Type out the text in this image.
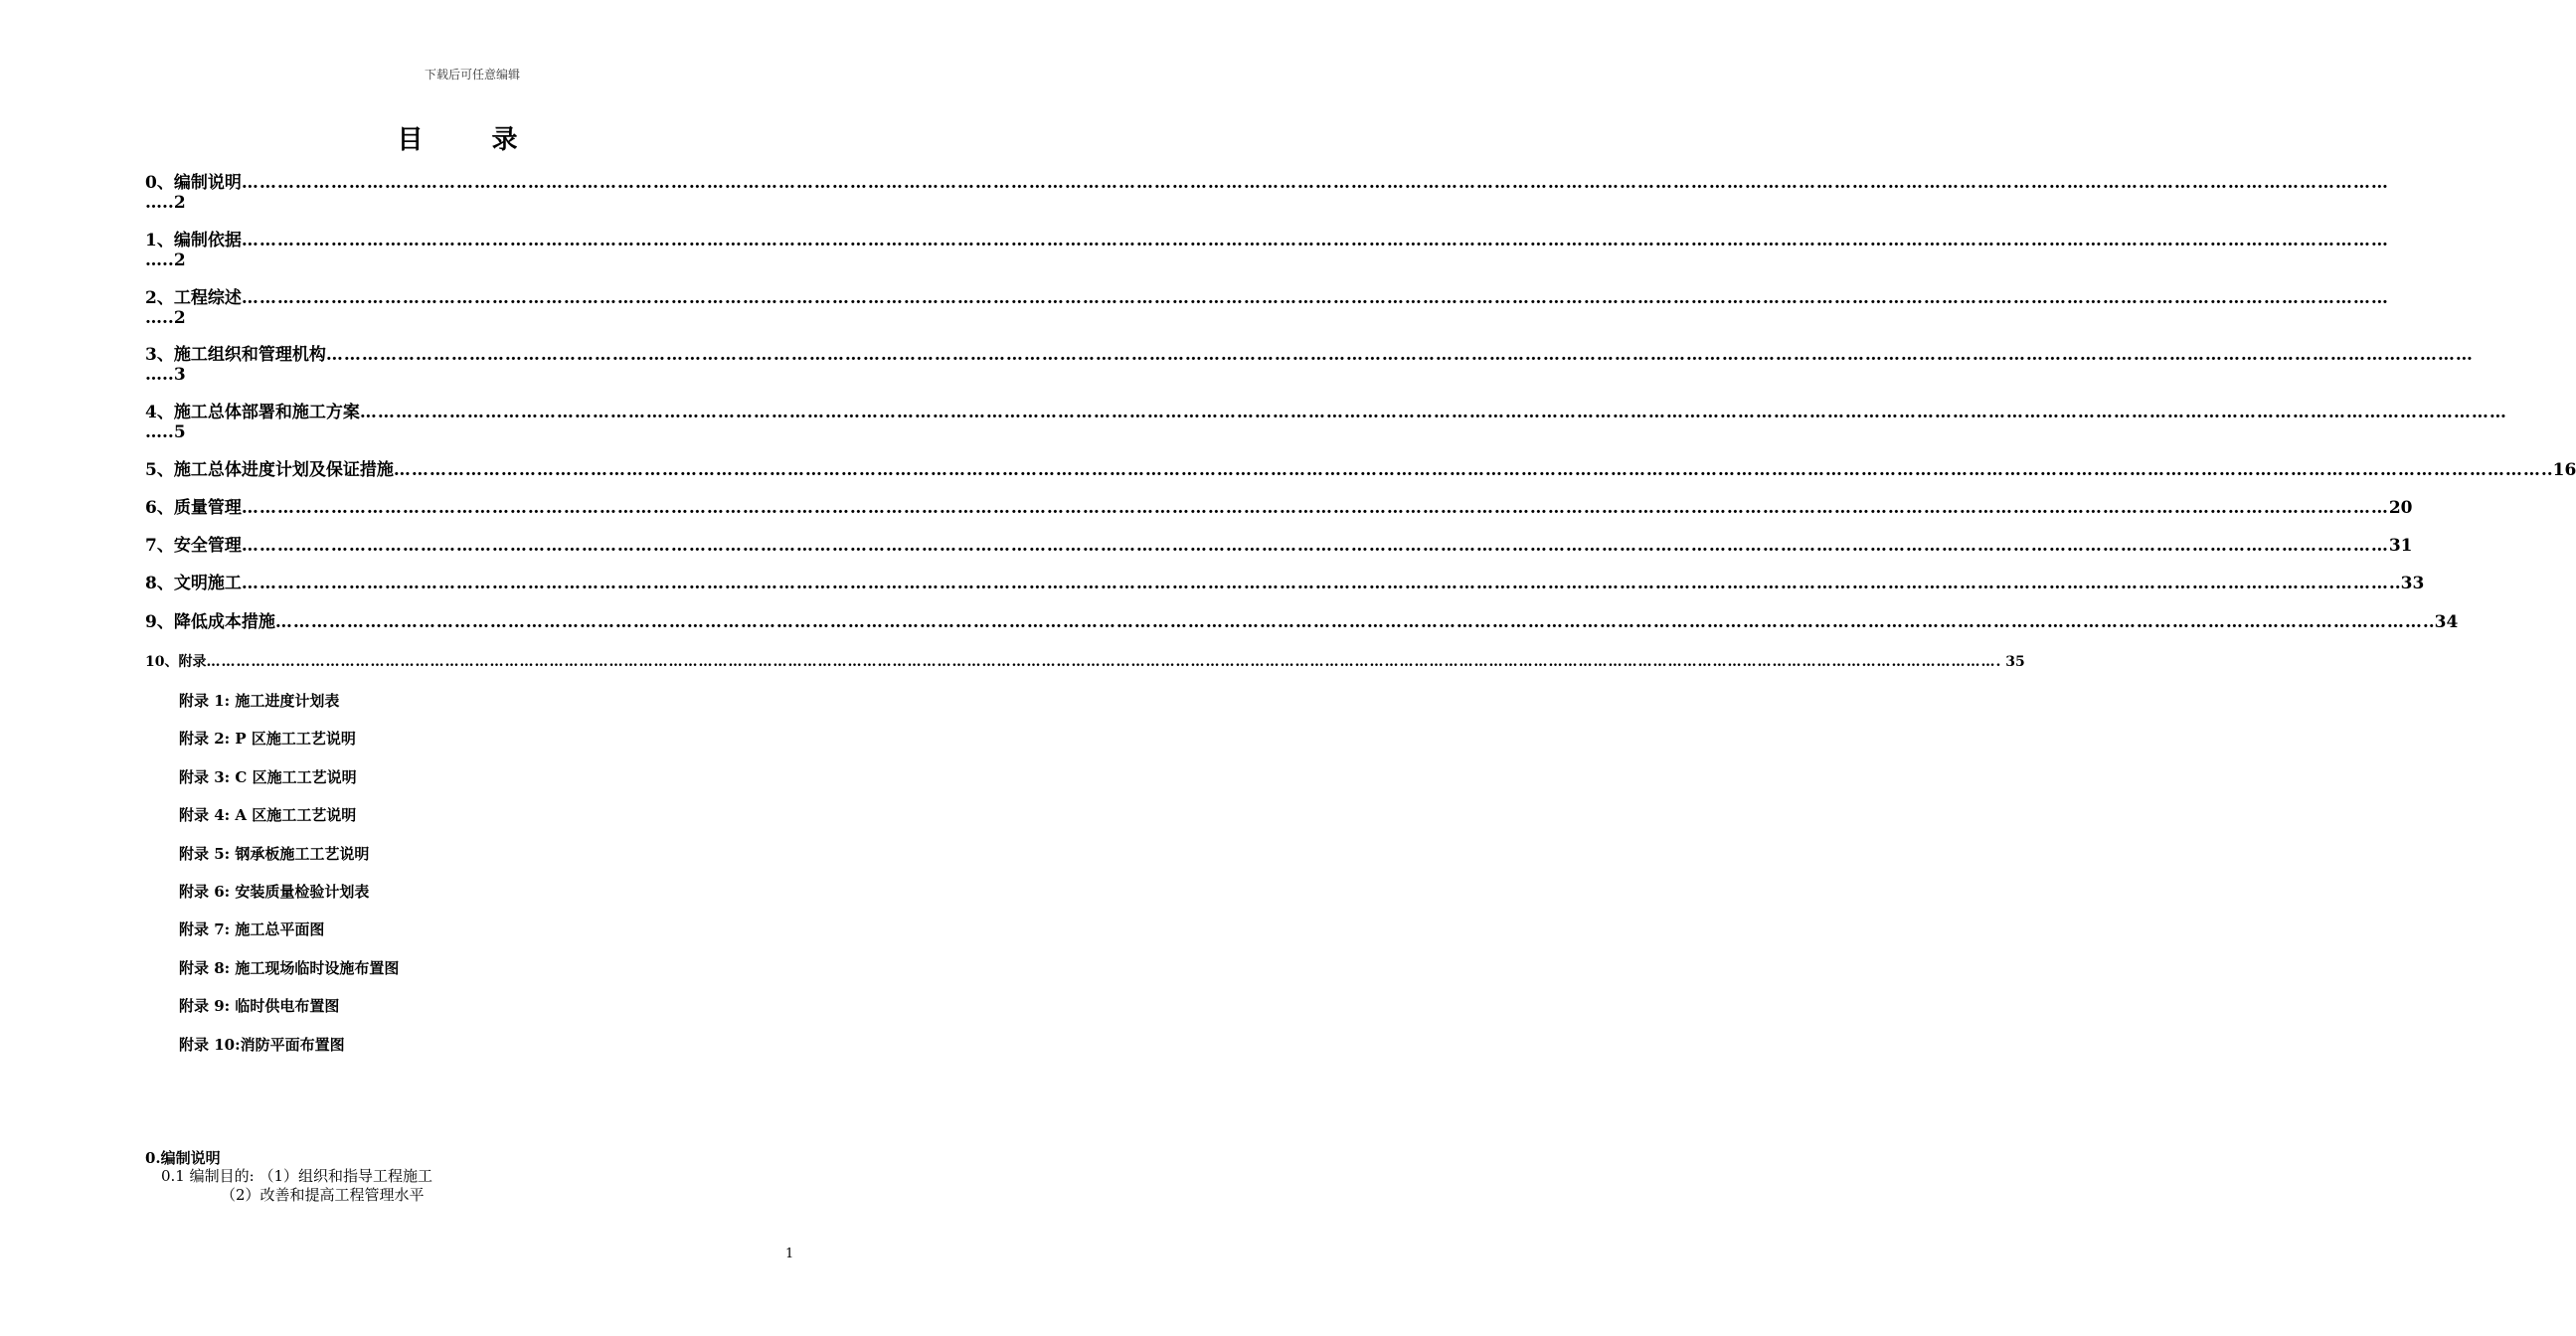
下载后可任意编辑
目 录
0、编制说明 ………………………………………………………………………………………………………………………………………………………………………………………………………………………………………………………………………………………………………………………………
…..2
1、编制依据 ………………………………………………………………………………………………………………………………………………………………………………………………………………………………………………………………………………………………………………………………
…..2
2、工程综述 ………………………………………………………………………………………………………………………………………………………………………………………………………………………………………………………………………………………………………………………………
…..2
3、施工组织和管理机构 ………………………………………………………………………………………………………………………………………………………………………………………………………………………………………………………………………………………………………………………………
…..3
4、施工总体部署和施工方案 ………………………………………………………………………………………………………………………………………………………………………………………………………………………………………………………………………………………………………………………………
…..5
5、施工总体进度计划及保证措施 ……………………………………………………………………………………………………………………………………………………………………………………………………………………………………………………………………………………………………………………………… ..16
6、质量管理 ……………………………………………………………………………………………………………………………………………………………………………………………………………………………………………………………………………………………………………………………… 20
7、安全管理 ……………………………………………………………………………………………………………………………………………………………………………………………………………………………………………………………………………………………………………………………… 31
8、文明施工 ……………………………………………………………………………………………………………………………………………………………………………………………………………………………………………………………………………………………………………………………… ..33
9、降低成本措施 ……………………………………………………………………………………………………………………………………………………………………………………………………………………………………………………………………………………………………………………………… ..34
10、附录 ……………………………………………………………………………………………………………………………………………………………………………………………………………………………………………………………………………………………………………………………… . 35
附录 1: 施工进度计划表
附录 2: P 区施工工艺说明
附录 3: C 区施工工艺说明
附录 4: A 区施工工艺说明
附录 5: 钢承板施工工艺说明
附录 6: 安装质量检验计划表
附录 7: 施工总平面图
附录 8: 施工现场临时设施布置图
附录 9: 临时供电布置图
附录 10:消防平面布置图
0.编制说明
0.1 编制目的: （1）组织和指导工程施工
（2）改善和提高工程管理水平
1
